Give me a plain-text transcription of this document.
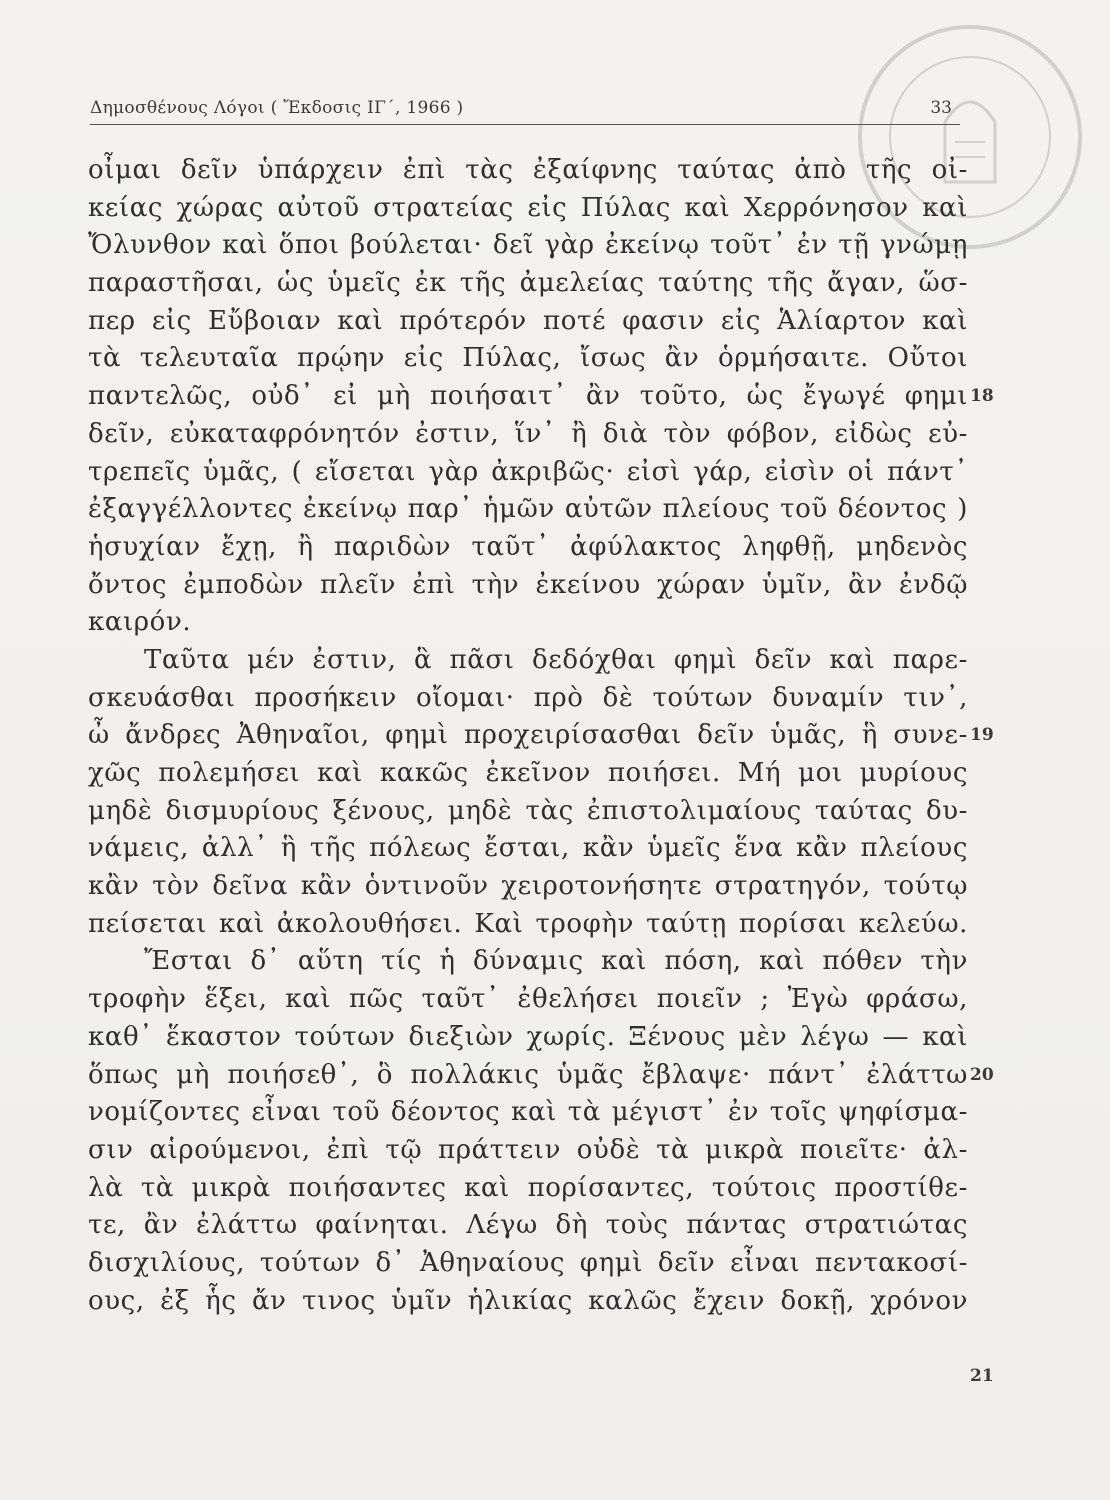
Δημοσθένους Λόγοι ( Ἔκδοσις ΙΓ΄, 1966 )	33
οἶμαι δεῖν ὑπάρχειν ἐπὶ τὰς ἐξαίφνης ταύτας ἀπὸ τῆς οἰ-
κείας χώρας αὐτοῦ στρατείας εἰς Πύλας καὶ Χερρόνησον καὶ
Ὄλυνθον καὶ ὅποι βούλεται· δεῖ γὰρ ἐκείνῳ τοῦτ᾽ ἐν τῇ γνώμῃ
παραστῆσαι, ὡς ὑμεῖς ἐκ τῆς ἀμελείας ταύτης τῆς ἄγαν, ὥσ-
περ εἰς Εὔβοιαν καὶ πρότερόν ποτέ φασιν εἰς Ἁλίαρτον καὶ
τὰ τελευταῖα πρῴην εἰς Πύλας, ἴσως ἂν ὁρμήσαιτε. Οὔτοι
παντελῶς, οὐδ᾽ εἰ μὴ ποιήσαιτ᾽ ἂν τοῦτο, ὡς ἔγωγέ φημι
δεῖν, εὐκαταφρόνητόν ἐστιν, ἵν᾽ ἢ διὰ τὸν φόβον, εἰδὼς εὐ-
τρεπεῖς ὑμᾶς, ( εἴσεται γὰρ ἀκριβῶς· εἰσὶ γάρ, εἰσὶν οἱ πάντ᾽
ἐξαγγέλλοντες ἐκείνῳ παρ᾽ ἡμῶν αὐτῶν πλείους τοῦ δέοντος )
ἡσυχίαν ἔχῃ, ἢ παριδὼν ταῦτ᾽ ἀφύλακτος ληφθῇ, μηδενὸς
ὄντος ἐμποδὼν πλεῖν ἐπὶ τὴν ἐκείνου χώραν ὑμῖν, ἂν ἐνδῷ
καιρόν.
Ταῦτα μέν ἐστιν, ἃ πᾶσι δεδόχθαι φημὶ δεῖν καὶ παρε-
σκευάσθαι προσήκειν οἴομαι· πρὸ δὲ τούτων δυναμίν τιν᾽,
ὦ ἄνδρες Ἀθηναῖοι, φημὶ προχειρίσασθαι δεῖν ὑμᾶς, ἣ συνε-
χῶς πολεμήσει καὶ κακῶς ἐκεῖνον ποιήσει. Μή μοι μυρίους
μηδὲ δισμυρίους ξένους, μηδὲ τὰς ἐπιστολιμαίους ταύτας δυ-
νάμεις, ἀλλ᾽ ἣ τῆς πόλεως ἔσται, κἂν ὑμεῖς ἕνα κἂν πλείους
κἂν τὸν δεῖνα κἂν ὁντινοῦν χειροτονήσητε στρατηγόν, τούτῳ
πείσεται καὶ ἀκολουθήσει. Καὶ τροφὴν ταύτῃ πορίσαι κελεύω.
Ἔσται δ᾽ αὕτη τίς ἡ δύναμις καὶ πόση, καὶ πόθεν τὴν
τροφὴν ἕξει, καὶ πῶς ταῦτ᾽ ἐθελήσει ποιεῖν ; Ἐγὼ φράσω,
καθ᾽ ἕκαστον τούτων διεξιὼν χωρίς. Ξένους μὲν λέγω — καὶ
ὅπως μὴ ποιήσεθ᾽, ὃ πολλάκις ὑμᾶς ἔβλαψε· πάντ᾽ ἐλάττω
νομίζοντες εἶναι τοῦ δέοντος καὶ τὰ μέγιστ᾽ ἐν τοῖς ψηφίσμα-
σιν αἱρούμενοι, ἐπὶ τῷ πράττειν οὐδὲ τὰ μικρὰ ποιεῖτε· ἀλ-
λὰ τὰ μικρὰ ποιήσαντες καὶ πορίσαντες, τούτοις προστίθε-
τε, ἂν ἐλάττω φαίνηται. Λέγω δὴ τοὺς πάντας στρατιώτας
δισχιλίους, τούτων δ᾽ Ἀθηναίους φημὶ δεῖν εἶναι πεντακοσί-
ους, ἐξ ἧς ἄν τινος ὑμῖν ἡλικίας καλῶς ἔχειν δοκῇ, χρόνον
18
19
20
21
